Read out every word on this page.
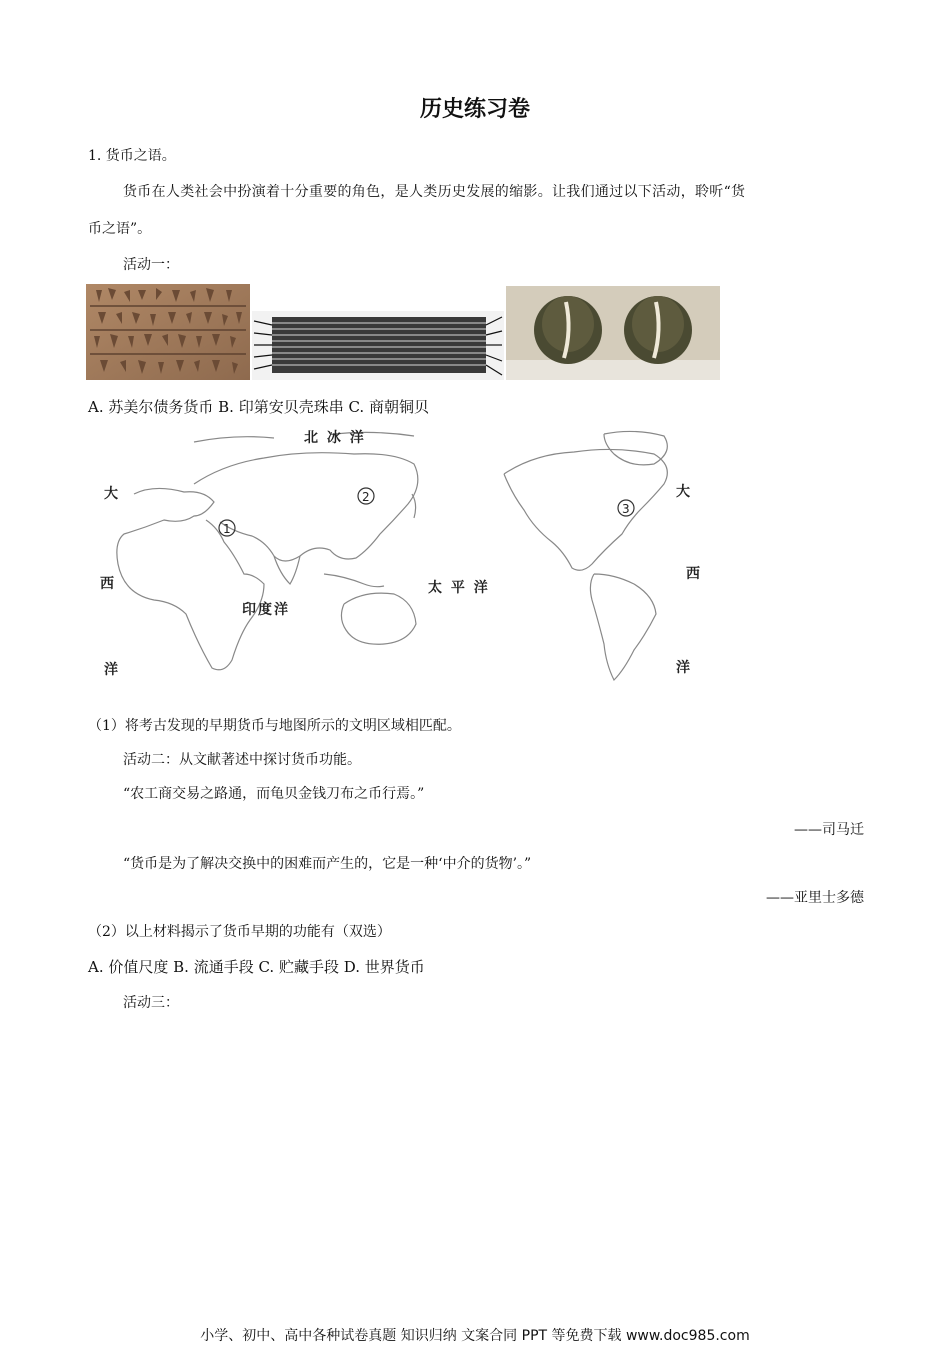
历史练习卷
1. 货币之语。
货币在人类社会中扮演着十分重要的角色，是人类历史发展的缩影。让我们通过以下活动，聆听“货
币之语”。
活动一：
A. 苏美尔债务货币 B. 印第安贝壳珠串 C. 商朝铜贝
1
2
3
北 冰 洋
大
西
洋
印度洋
太 平 洋
大
西
洋
（1）将考古发现的早期货币与地图所示的文明区域相匹配。
活动二：从文献著述中探讨货币功能。
“农工商交易之路通，而龟贝金钱刀布之币行焉。”
——司马迁
“货币是为了解决交换中的困难而产生的，它是一种‘中介的货物’。”
——亚里士多德
（2）以上材料揭示了货币早期的功能有（双选）
A. 价值尺度 B. 流通手段 C. 贮藏手段 D. 世界货币
活动三：
小学、初中、高中各种试卷真题 知识归纳 文案合同 PPT 等免费下载 www.doc985.com
